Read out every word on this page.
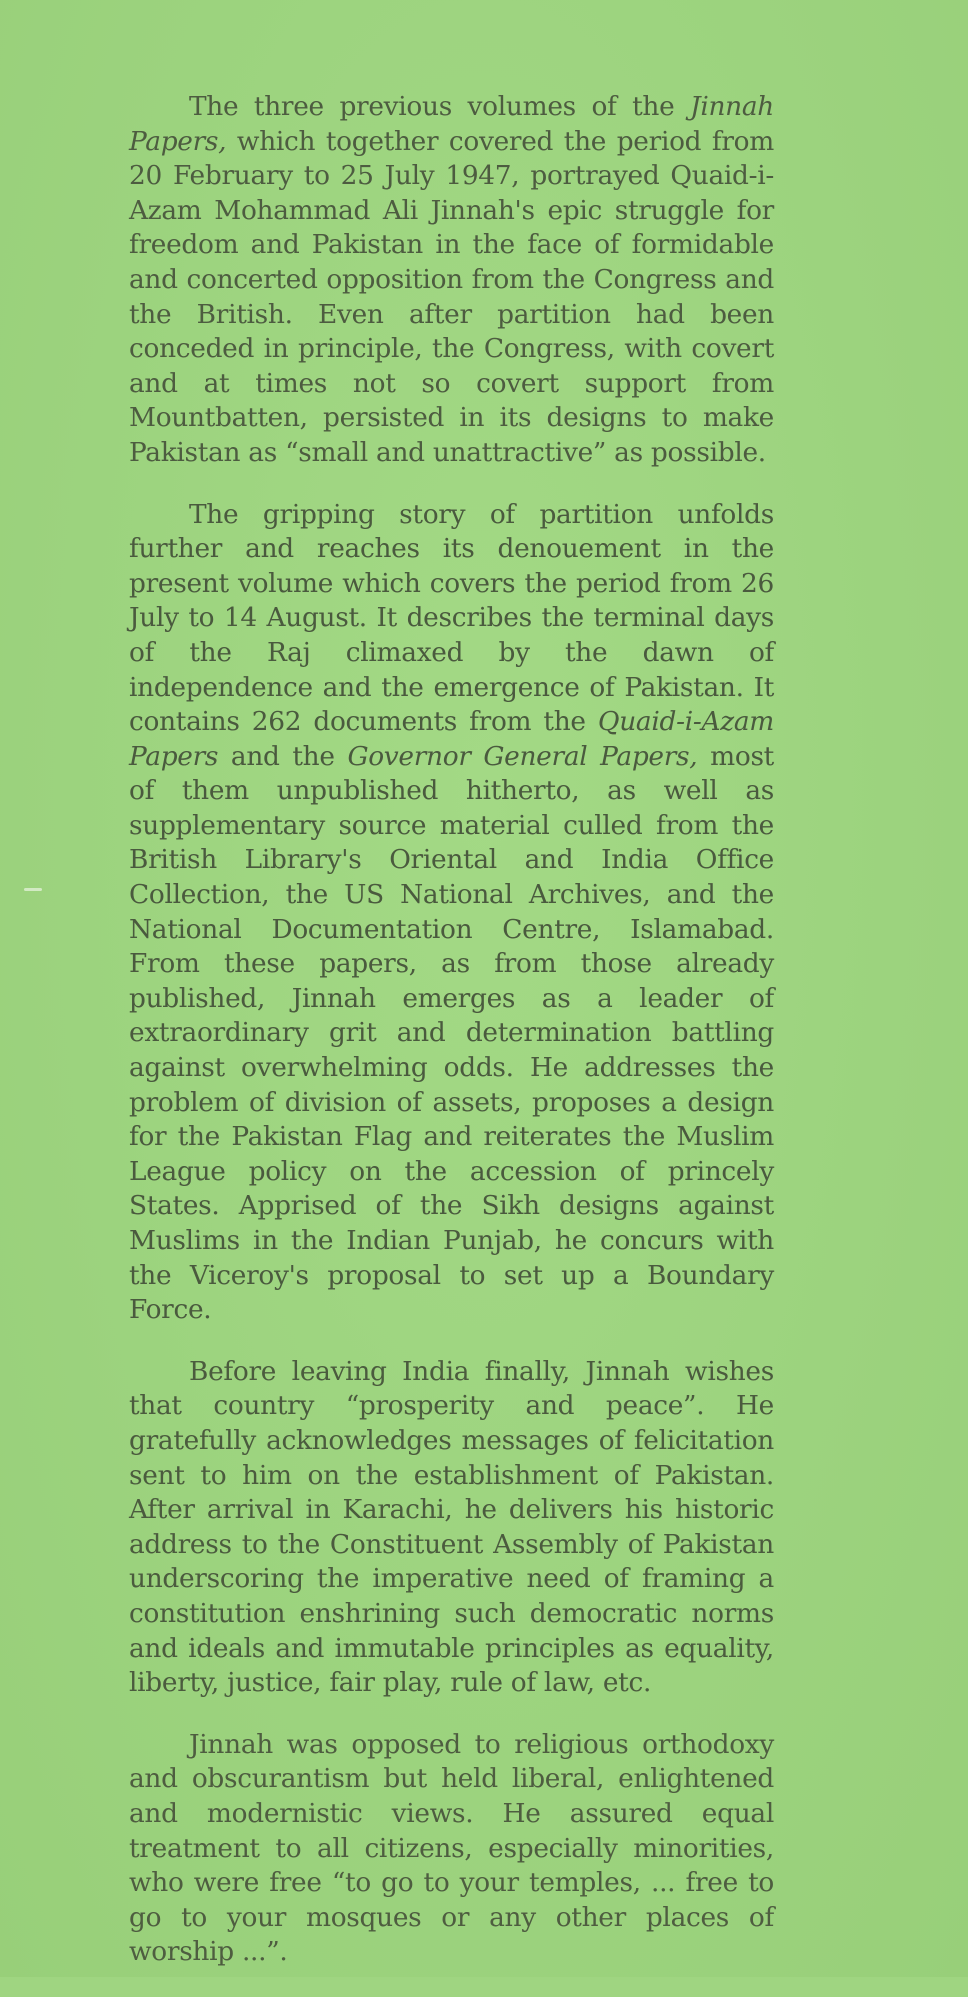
The three previous volumes of the Jinnah Papers, which together covered the period from 20 February to 25 July 1947, portrayed Quaid-i-Azam Mohammad Ali Jinnah's epic struggle for freedom and Pakistan in the face of formidable and concerted opposition from the Congress and the British. Even after partition had been conceded in principle, the Congress, with covert and at times not so covert support from Mountbatten, persisted in its designs to make Pakistan as “small and unattractive” as possible.

The gripping story of partition unfolds further and reaches its denouement in the present volume which covers the period from 26 July to 14 August. It describes the terminal days of the Raj climaxed by the dawn of independence and the emergence of Pakistan. It contains 262 documents from the Quaid-i-Azam Papers and the Governor General Papers, most of them unpublished hitherto, as well as supplementary source material culled from the British Library's Oriental and India Office Collection, the US National Archives, and the National Documentation Centre, Islamabad. From these papers, as from those already published, Jinnah emerges as a leader of extraordinary grit and determination battling against overwhelming odds. He addresses the problem of division of assets, proposes a design for the Pakistan Flag and reiterates the Muslim League policy on the accession of princely States. Apprised of the Sikh designs against Muslims in the Indian Punjab, he concurs with the Viceroy's proposal to set up a Boundary Force.

Before leaving India finally, Jinnah wishes that country “prosperity and peace”. He gratefully acknowledges messages of felicitation sent to him on the establishment of Pakistan. After arrival in Karachi, he delivers his historic address to the Constituent Assembly of Pakistan underscoring the imperative need of framing a constitution enshrining such democratic norms and ideals and immutable principles as equality, liberty, justice, fair play, rule of law, etc.

Jinnah was opposed to religious orthodoxy and obscurantism but held liberal, enlightened and modernistic views. He assured equal treatment to all citizens, especially minorities, who were free “to go to your temples, ... free to go to your mosques or any other places of worship ...”.
